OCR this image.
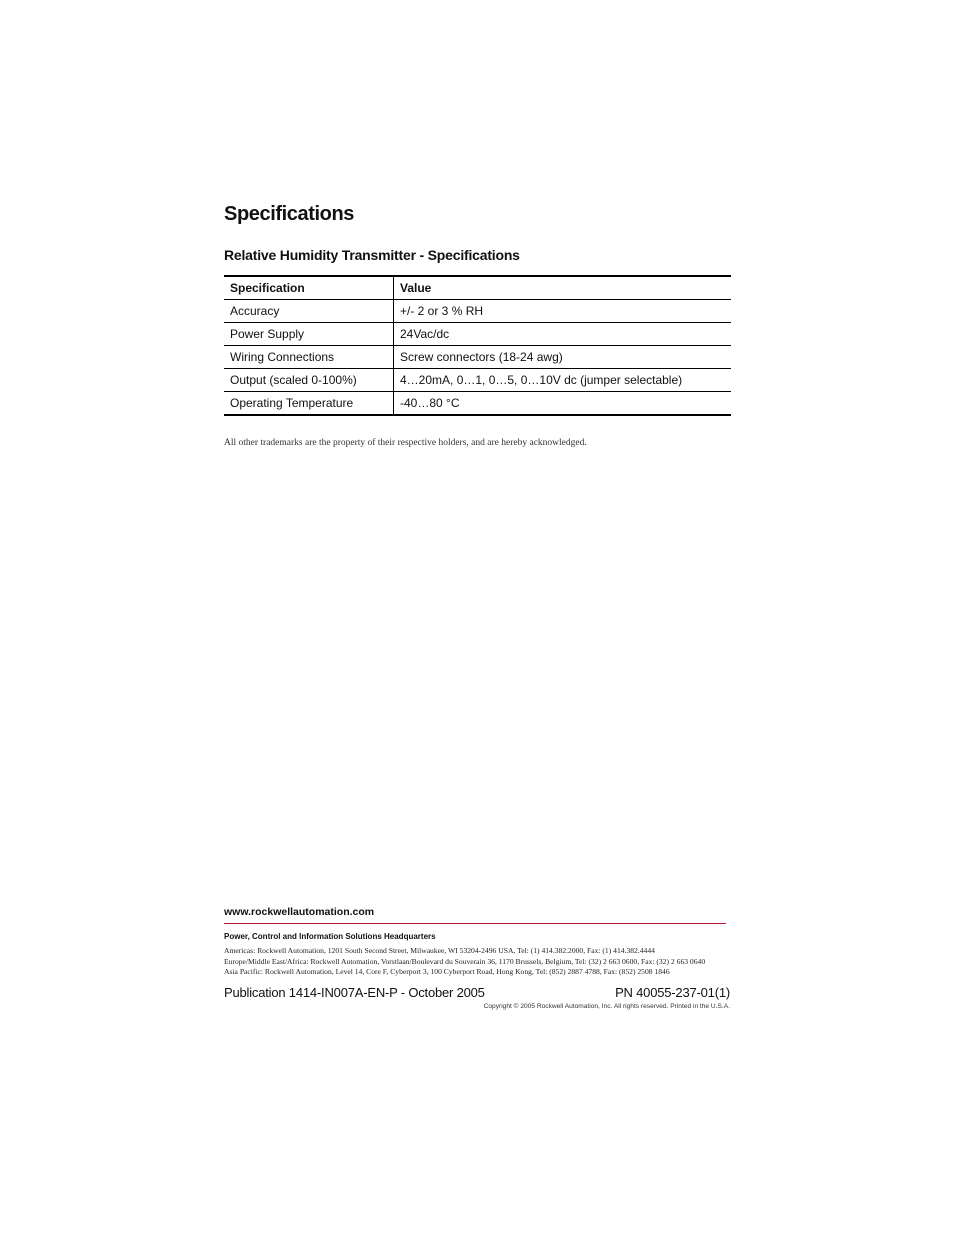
Specifications
Relative Humidity Transmitter - Specifications
Specification	Value
Accuracy	+/- 2 or 3 % RH
Power Supply	24Vac/dc
Wiring Connections	Screw connectors (18-24 awg)
Output (scaled 0-100%)	4…20mA, 0…1, 0…5, 0…10V dc (jumper selectable)
Operating Temperature	-40…80 °C

All other trademarks are the property of their respective holders, and are hereby acknowledged.

www.rockwellautomation.com

Power, Control and Information Solutions Headquarters

Americas: Rockwell Automation, 1201 South Second Street, Milwaukee, WI 53204-2496 USA, Tel: (1) 414.382.2000, Fax: (1) 414.382.4444

Europe/Middle East/Africa: Rockwell Automation, Vorstlaan/Boulevard du Souverain 36, 1170 Brussels, Belgium, Tel: (32) 2 663 0600, Fax: (32) 2 663 0640

Asia Pacific: Rockwell Automation, Level 14, Core F, Cyberport 3, 100 Cyberport Road, Hong Kong, Tel: (852) 2887 4788, Fax: (852) 2508 1846

Publication 1414-IN007A-EN-P - October 2005	PN 40055-237-01(1)

Copyright © 2005 Rockwell Automation, Inc. All rights reserved. Printed in the U.S.A.
